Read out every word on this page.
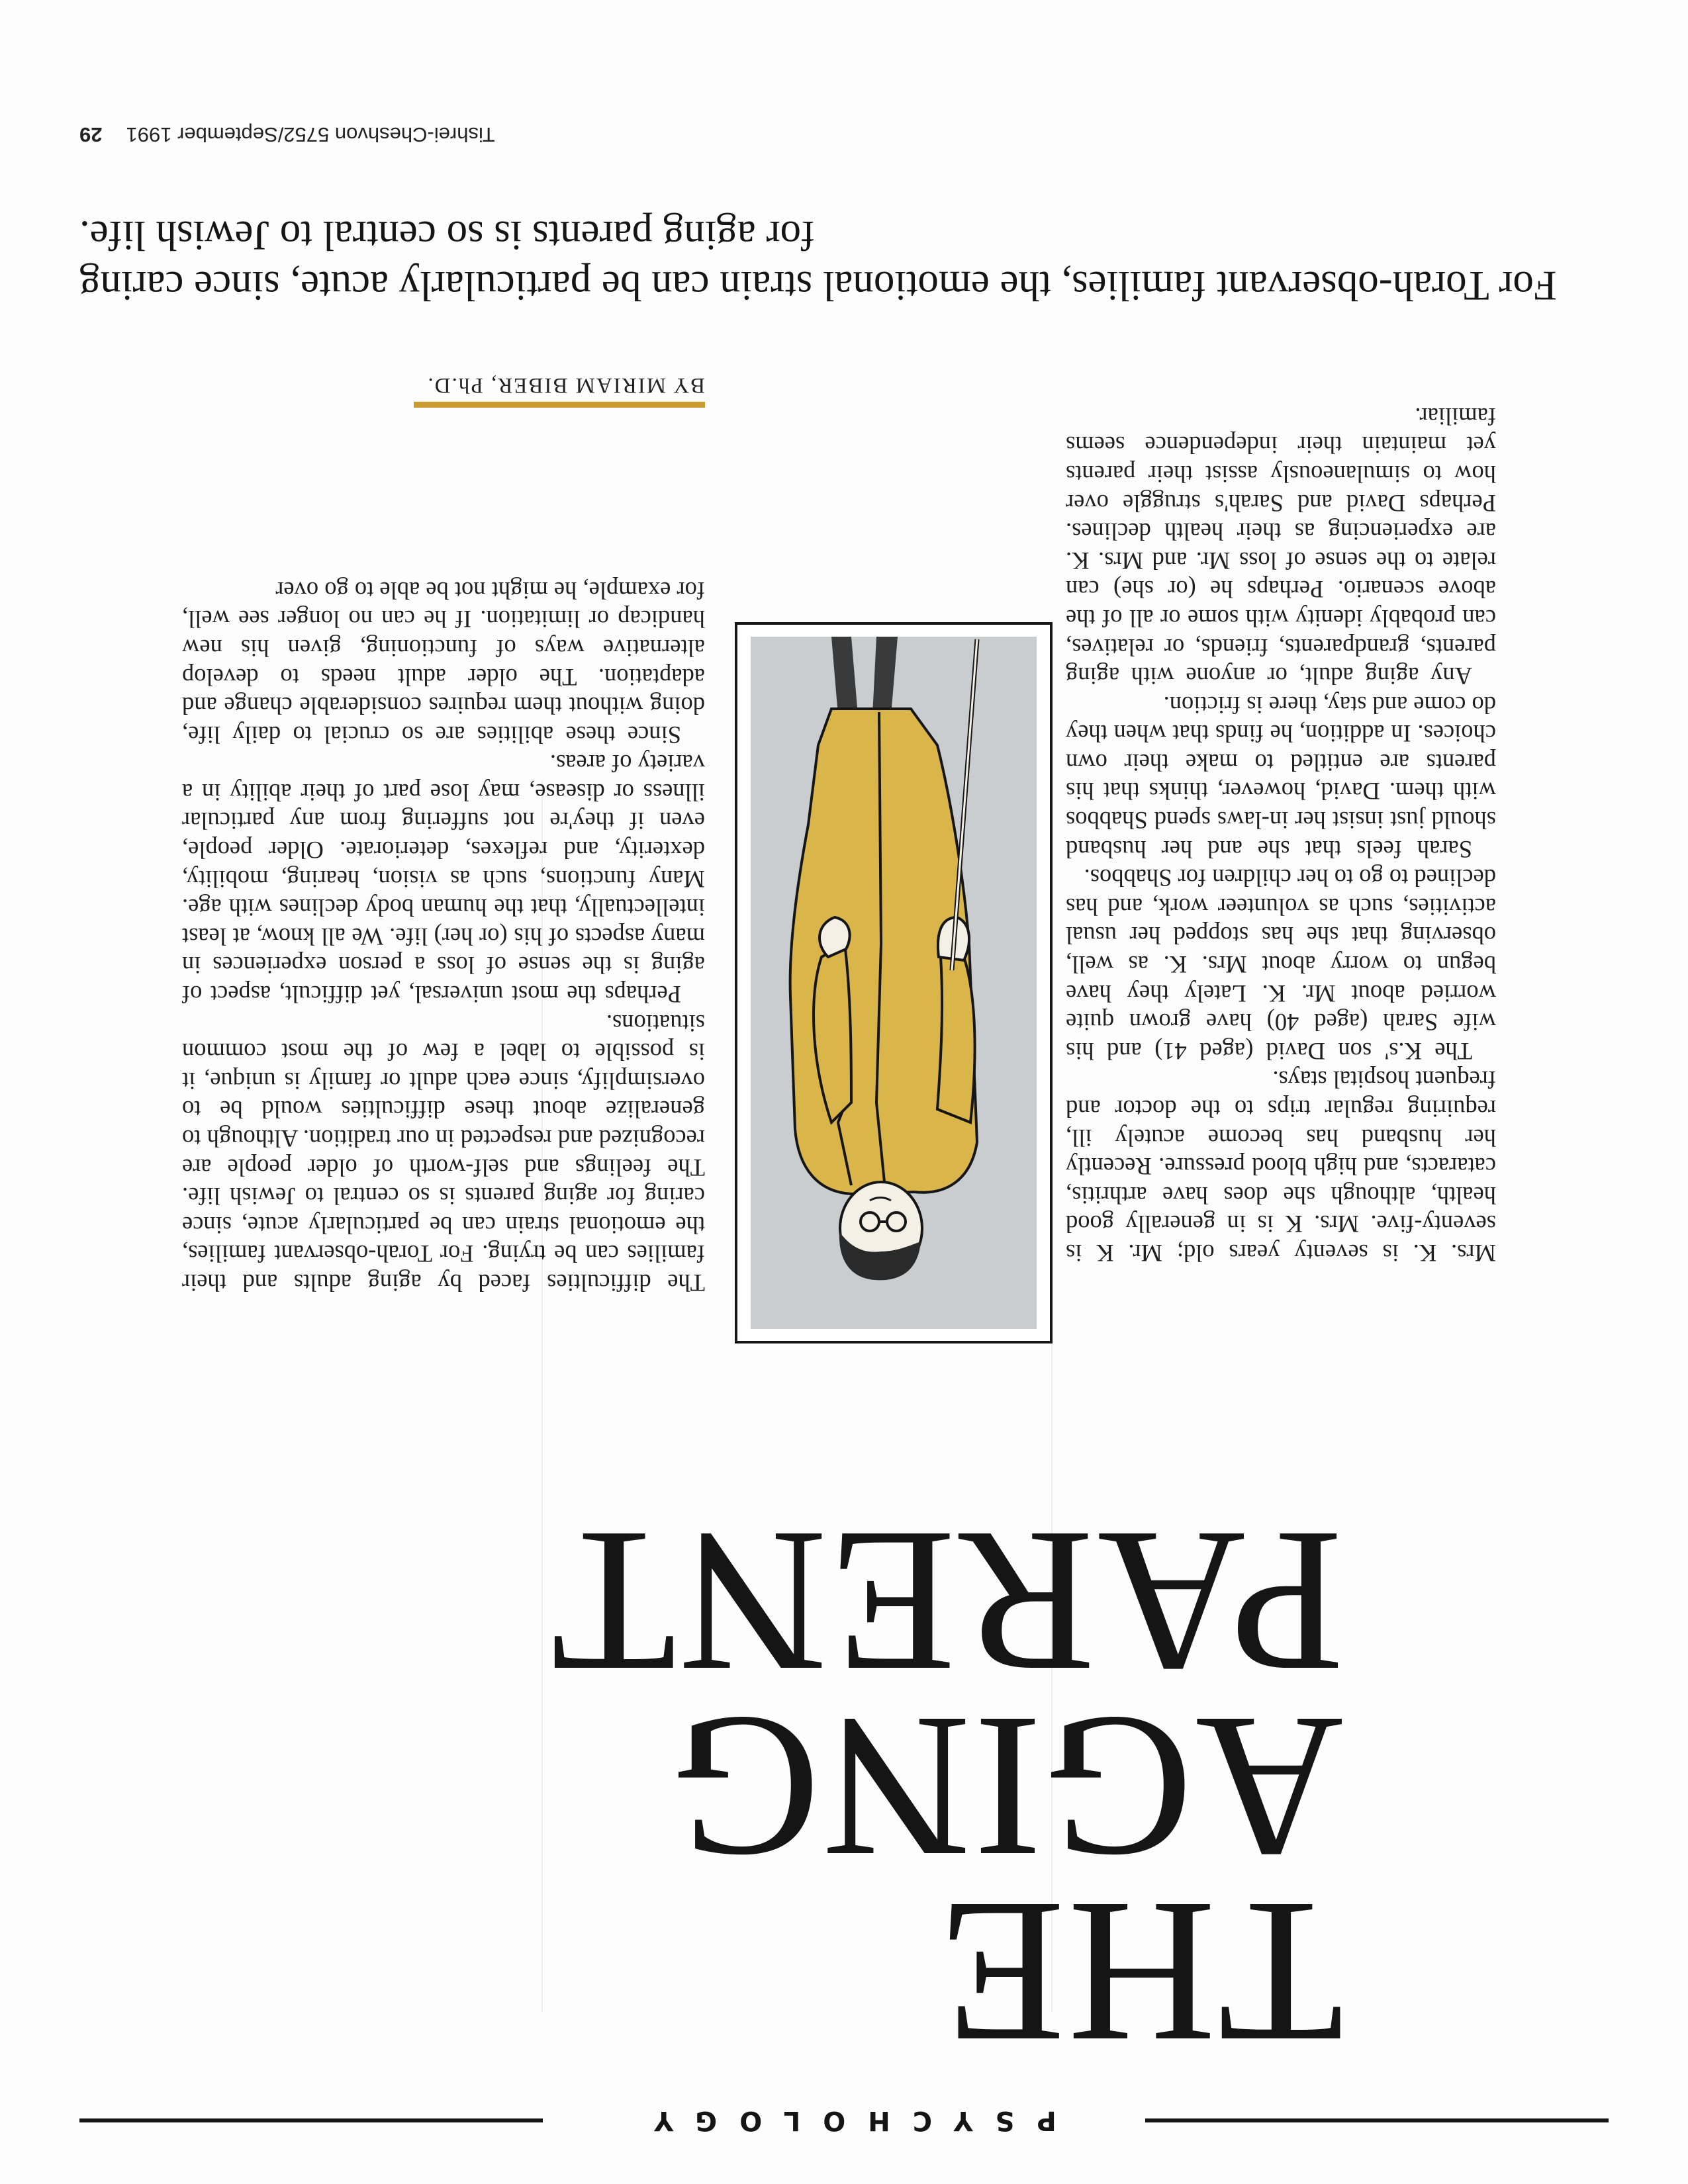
PSYCHOLOGY
THE
AGING
PARENT

The difficulties faced by aging adults and their families can be trying. For Torah-observant families, the emotional strain can be particularly acute, since caring for aging parents is so central to Jewish life. The feelings and self-worth of older people are recognized and respected in our tradition. Although to generalize about these difficulties would be to oversimplify, since each adult or family is unique, it is possible to label a few of the most common situations.

Perhaps the most universal, yet difficult, aspect of aging is the sense of loss a person experiences in many aspects of his (or her) life. We all know, at least intellectually, that the human body declines with age. Many functions, such as vision, hearing, mobility, dexterity, and reflexes, deteriorate. Older people, even if they're not suffering from any particular illness or disease, may lose part of their ability in a variety of areas.

Since these abilities are so crucial to daily life, doing without them requires considerable change and adaptation. The older adult needs to develop alternative ways of functioning, given his new handicap or limitation. If he can no longer see well, for example, he might not be able to go over

Mrs. K. is seventy years old; Mr. K is seventy-five. Mrs. K is in generally good health, although she does have arthritis, cataracts, and high blood pressure. Recently her husband has become acutely ill, requiring regular trips to the doctor and frequent hospital stays.

The K.s' son David (aged 41) and his wife Sarah (aged 40) have grown quite worried about Mr. K. Lately they have begun to worry about Mrs. K. as well, observing that she has stopped her usual activities, such as volunteer work, and has declined to go to her children for Shabbos.

Sarah feels that she and her husband should just insist her in-laws spend Shabbos with them. David, however, thinks that his parents are entitled to make their own choices. In addition, he finds that when they do come and stay, there is friction.

Any aging adult, or anyone with aging parents, grandparents, friends, or relatives, can probably idenity with some or all of the above scenario. Perhaps he (or she) can relate to the sense of loss Mr. and Mrs. K. are experiencing as their health declines. Perhaps David and Sarah's struggle over how to simulaneously assist their parents yet maintain their independence seems familiar.

BY MIRIAM BIBER, Ph.D.
For Torah-observant families, the emotional strain can be particularly acute, since caring for aging parents is so central to Jewish life.
Tishrei-Cheshvon 5752/September 199129
